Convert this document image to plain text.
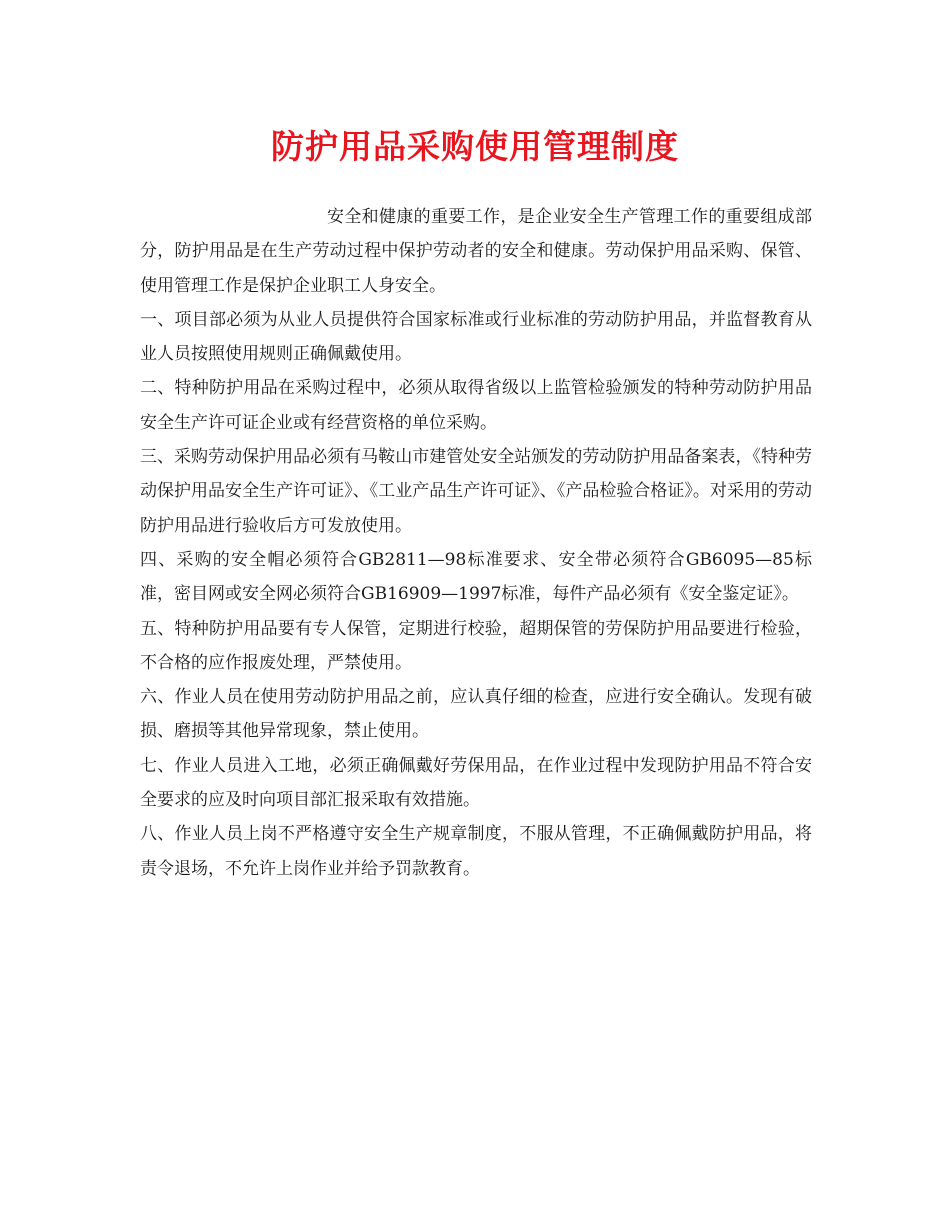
防护用品采购使用管理制度

安全和健康的重要工作，是企业安全生产管理工作的重要组成部分，防护用品是在生产劳动过程中保护劳动者的安全和健康。劳动保护用品采购、保管、使用管理工作是保护企业职工人身安全。

一、项目部必须为从业人员提供符合国家标准或行业标准的劳动防护用品，并监督教育从业人员按照使用规则正确佩戴使用。

二、特种防护用品在采购过程中，必须从取得省级以上监管检验颁发的特种劳动防护用品安全生产许可证企业或有经营资格的单位采购。

三、采购劳动保护用品必须有马鞍山市建管处安全站颁发的劳动防护用品备案表，《特种劳动保护用品安全生产许可证》、《工业产品生产许可证》、《产品检验合格证》。对采用的劳动防护用品进行验收后方可发放使用。

四、采购的安全帽必须符合GB2811—98标准要求、安全带必须符合GB6095—85标准，密目网或安全网必须符合GB16909—1997标准，每件产品必须有《安全鉴定证》。

五、特种防护用品要有专人保管，定期进行校验，超期保管的劳保防护用品要进行检验，不合格的应作报废处理，严禁使用。

六、作业人员在使用劳动防护用品之前，应认真仔细的检查，应进行安全确认。发现有破损、磨损等其他异常现象，禁止使用。

七、作业人员进入工地，必须正确佩戴好劳保用品，在作业过程中发现防护用品不符合安全要求的应及时向项目部汇报采取有效措施。

八、作业人员上岗不严格遵守安全生产规章制度，不服从管理，不正确佩戴防护用品，将责令退场，不允许上岗作业并给予罚款教育。
